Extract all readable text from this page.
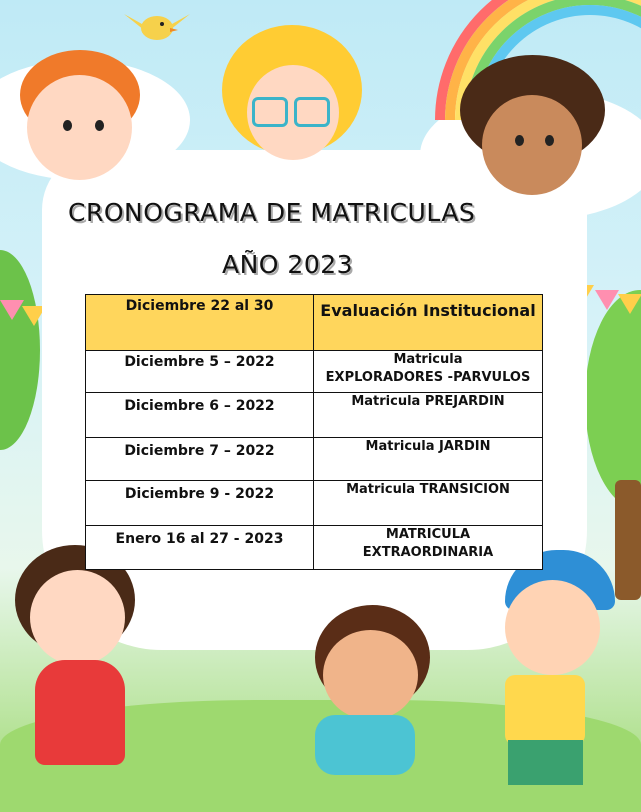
CRONOGRAMA DE MATRICULAS
AÑO 2023
Diciembre 22 al 30	Evaluación Institucional
Diciembre 5 – 2022	Matricula
EXPLORADORES -PARVULOS

Diciembre 6 – 2022	Matricula PREJARDIN

Diciembre 7 – 2022	Matricula JARDIN

Diciembre 9 - 2022	Matricula TRANSICION

Enero 16 al 27 - 2023	MATRICULA
EXTRAORDINARIA
